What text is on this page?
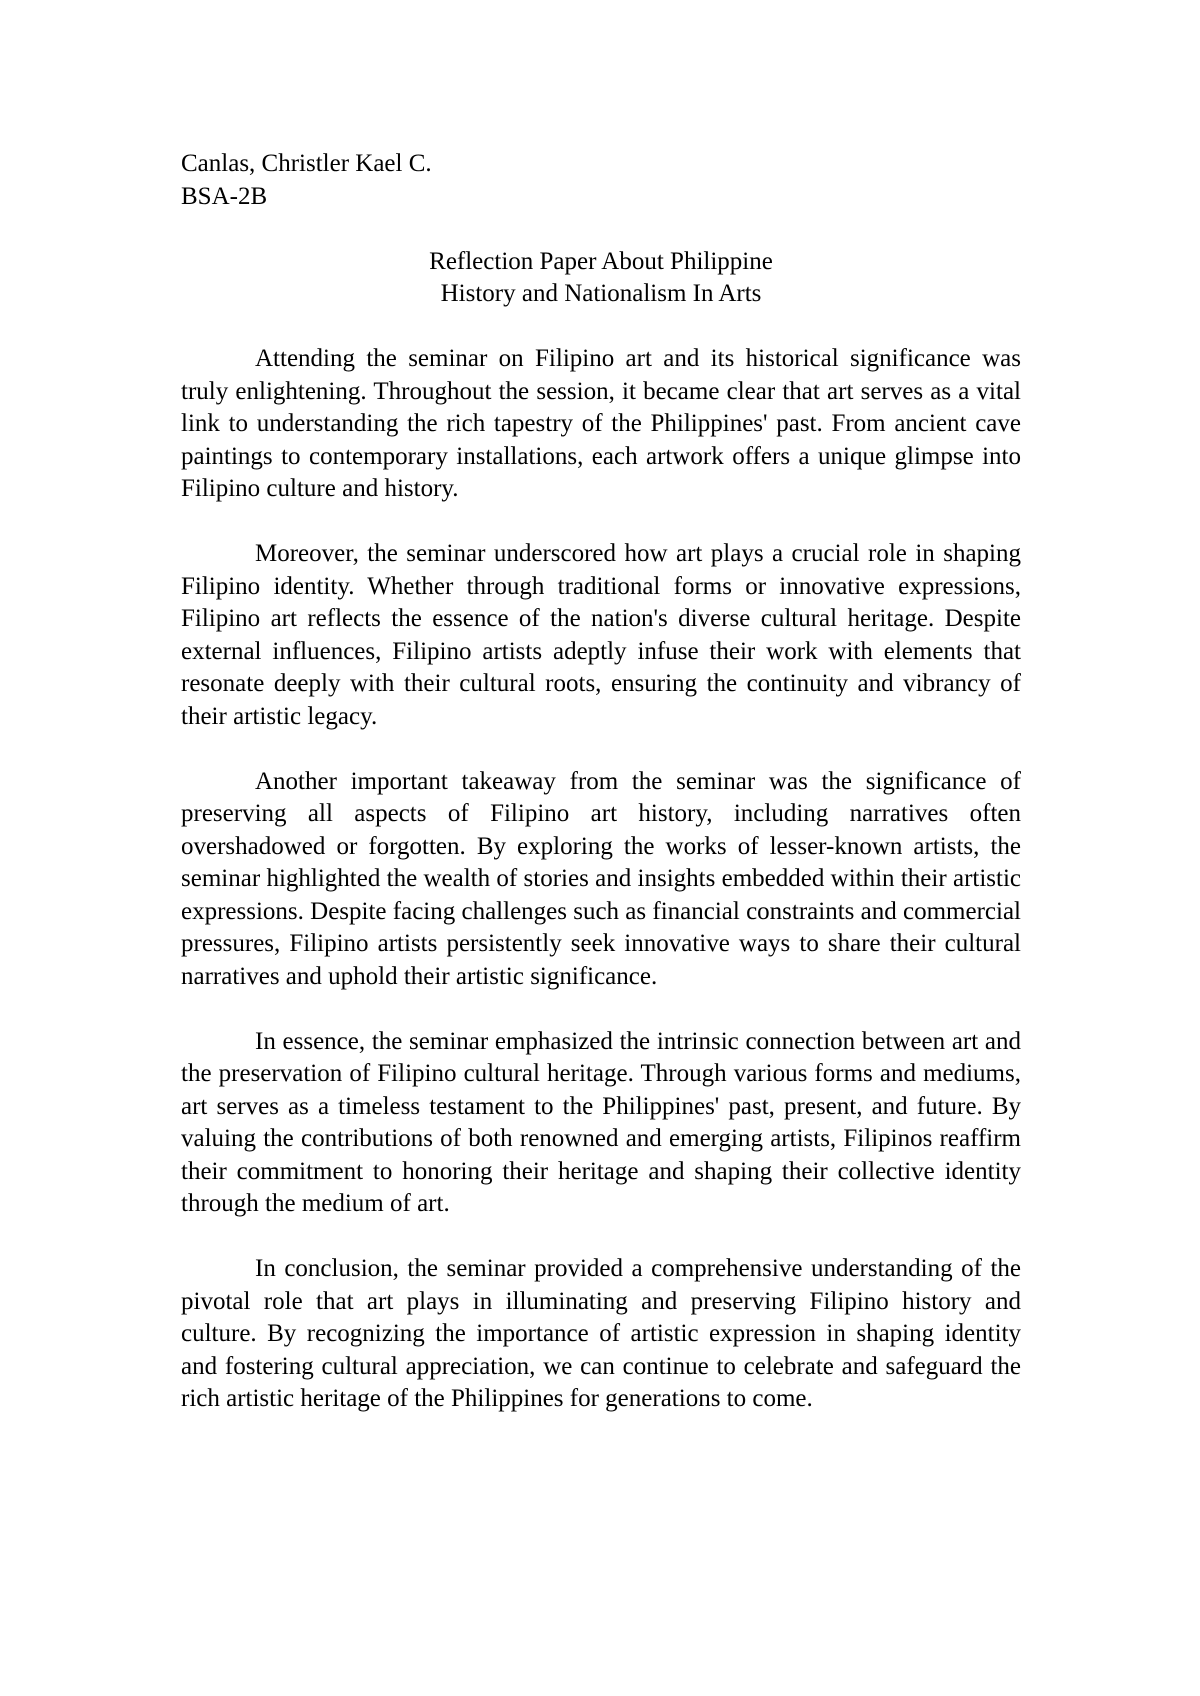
Canlas, Christler Kael C.

BSA-2B

Reflection Paper About Philippine

History and Nationalism In Arts

Attending the seminar on Filipino art and its historical significance was truly enlightening. Throughout the session, it became clear that art serves as a vital link to understanding the rich tapestry of the Philippines' past. From ancient cave paintings to contemporary installations, each artwork offers a unique glimpse into Filipino culture and history.

Moreover, the seminar underscored how art plays a crucial role in shaping Filipino identity. Whether through traditional forms or innovative expressions, Filipino art reflects the essence of the nation's diverse cultural heritage. Despite external influences, Filipino artists adeptly infuse their work with elements that resonate deeply with their cultural roots, ensuring the continuity and vibrancy of their artistic legacy.

Another important takeaway from the seminar was the significance of preserving all aspects of Filipino art history, including narratives often overshadowed or forgotten. By exploring the works of lesser-known artists, the seminar highlighted the wealth of stories and insights embedded within their artistic expressions. Despite facing challenges such as financial constraints and commercial pressures, Filipino artists persistently seek innovative ways to share their cultural narratives and uphold their artistic significance.

In essence, the seminar emphasized the intrinsic connection between art and the preservation of Filipino cultural heritage. Through various forms and mediums, art serves as a timeless testament to the Philippines' past, present, and future. By valuing the contributions of both renowned and emerging artists, Filipinos reaffirm their commitment to honoring their heritage and shaping their collective identity through the medium of art.

In conclusion, the seminar provided a comprehensive understanding of the pivotal role that art plays in illuminating and preserving Filipino history and culture. By recognizing the importance of artistic expression in shaping identity and fostering cultural appreciation, we can continue to celebrate and safeguard the rich artistic heritage of the Philippines for generations to come.
